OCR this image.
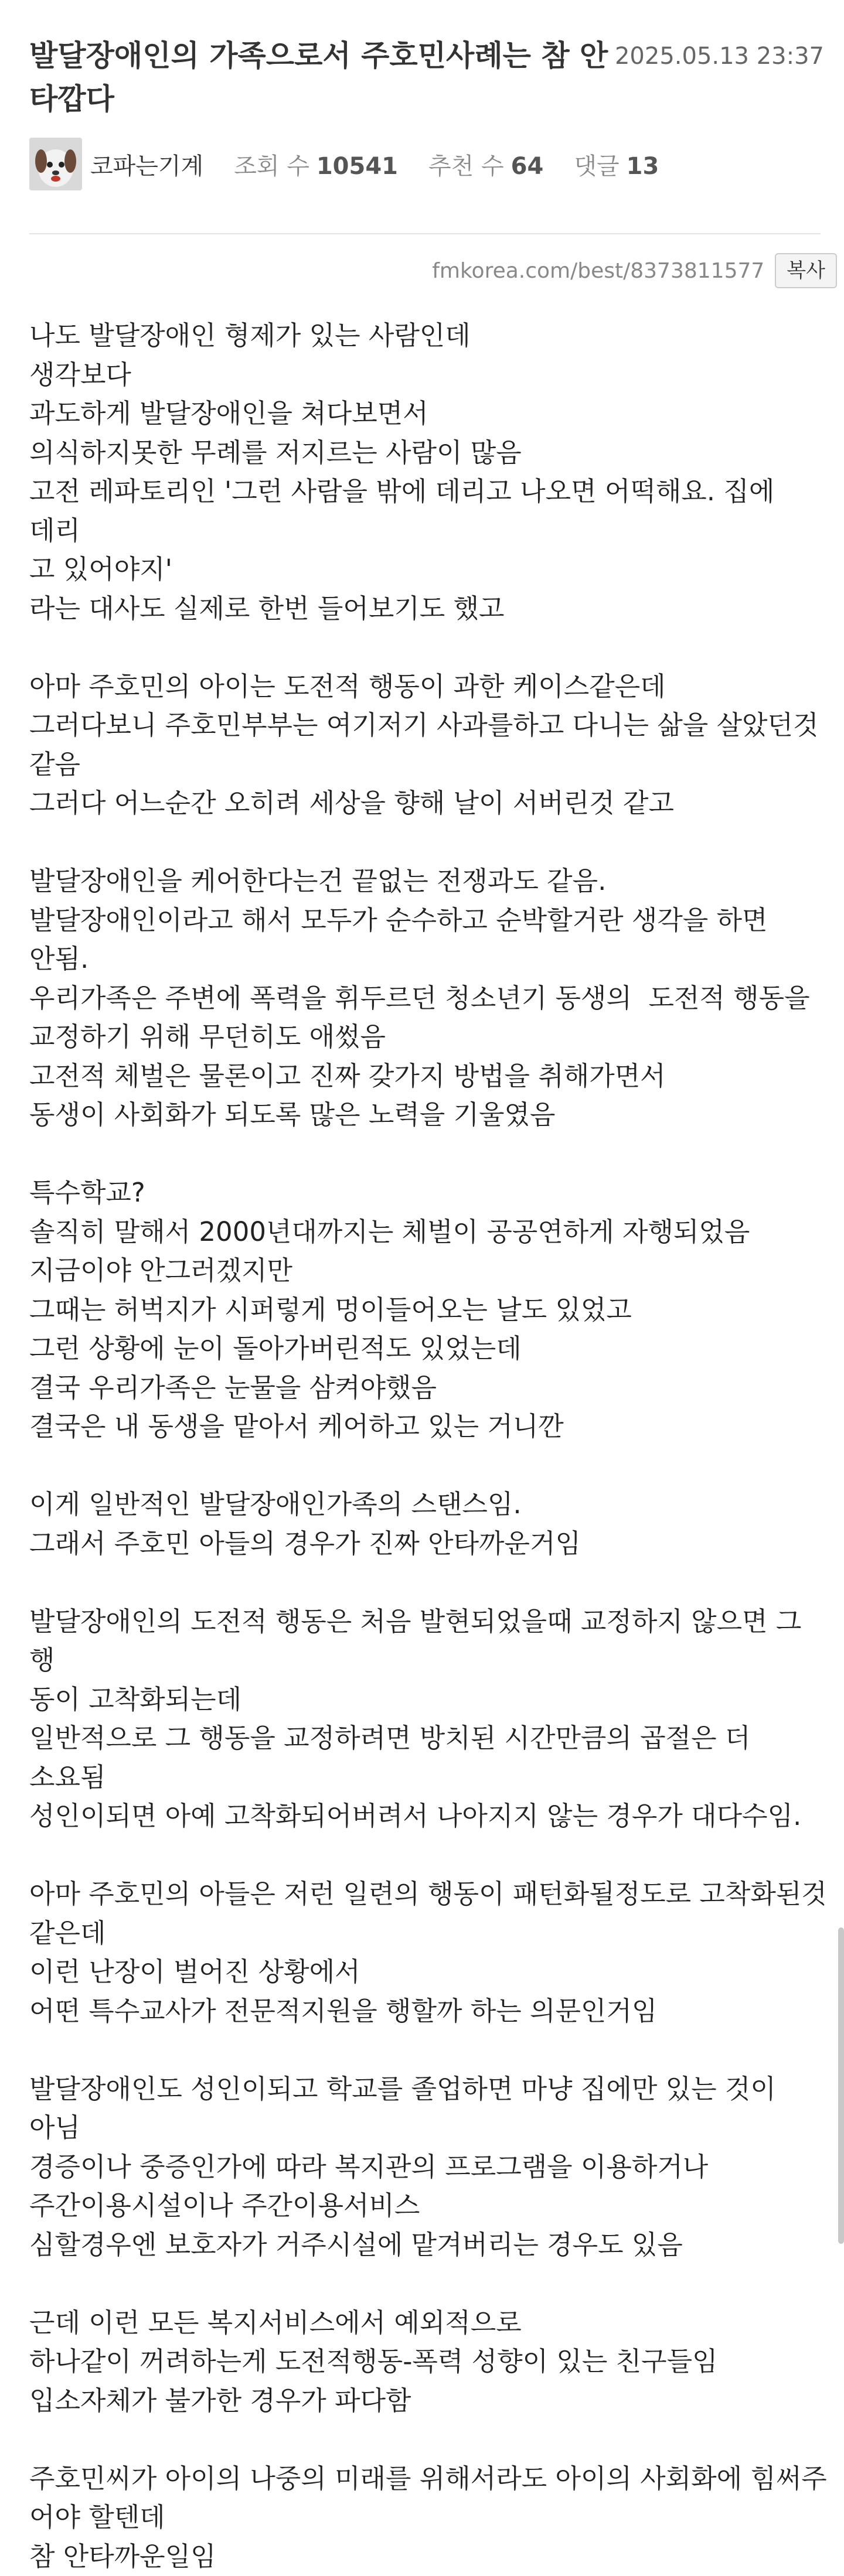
발달장애인의 가족으로서 주호민사례는 참 안타깝다
2025.05.13 23:37
코파는기계 조회 수 10541 추천 수 64 댓글 13
fmkorea.com/best/8373811577	복사
나도 발달장애인 형제가 있는 사람인데
생각보다
과도하게 발달장애인을 쳐다보면서
의식하지못한 무례를 저지르는 사람이 많음
고전 레파토리인 '그런 사람을 밖에 데리고 나오면 어떡해요. 집에 데리
고 있어야지'
라는 대사도 실제로 한번 들어보기도 했고
아마 주호민의 아이는 도전적 행동이 과한 케이스같은데
그러다보니 주호민부부는 여기저기 사과를하고 다니는 삶을 살았던것
같음
그러다 어느순간 오히려 세상을 향해 날이 서버린것 같고
발달장애인을 케어한다는건 끝없는 전쟁과도 같음.
발달장애인이라고 해서 모두가 순수하고 순박할거란 생각을 하면 안됨.
우리가족은 주변에 폭력을 휘두르던 청소년기 동생의  도전적 행동을
교정하기 위해 무던히도 애썼음
고전적 체벌은 물론이고 진짜 갖가지 방법을 취해가면서
동생이 사회화가 되도록 많은 노력을 기울였음
특수학교?
솔직히 말해서 2000년대까지는 체벌이 공공연하게 자행되었음
지금이야 안그러겠지만
그때는 허벅지가 시퍼렇게 멍이들어오는 날도 있었고
그런 상황에 눈이 돌아가버린적도 있었는데
결국 우리가족은 눈물을 삼켜야했음
결국은 내 동생을 맡아서 케어하고 있는 거니깐
이게 일반적인 발달장애인가족의 스탠스임.
그래서 주호민 아들의 경우가 진짜 안타까운거임
발달장애인의 도전적 행동은 처음 발현되었을때 교정하지 않으면 그 행
동이 고착화되는데
일반적으로 그 행동을 교정하려면 방치된 시간만큼의 곱절은 더 소요됨
성인이되면 아예 고착화되어버려서 나아지지 않는 경우가 대다수임.
아마 주호민의 아들은 저런 일련의 행동이 패턴화될정도로 고착화된것
같은데
이런 난장이 벌어진 상황에서
어떤 특수교사가 전문적지원을 행할까 하는 의문인거임
발달장애인도 성인이되고 학교를 졸업하면 마냥 집에만 있는 것이 아님
경증이나 중증인가에 따라 복지관의 프로그램을 이용하거나
주간이용시설이나 주간이용서비스
심할경우엔 보호자가 거주시설에 맡겨버리는 경우도 있음
근데 이런 모든 복지서비스에서 예외적으로
하나같이 꺼려하는게 도전적행동-폭력 성향이 있는 친구들임
입소자체가 불가한 경우가 파다함
주호민씨가 아이의 나중의 미래를 위해서라도 아이의 사회화에 힘써주
어야 할텐데
참 안타까운일임
